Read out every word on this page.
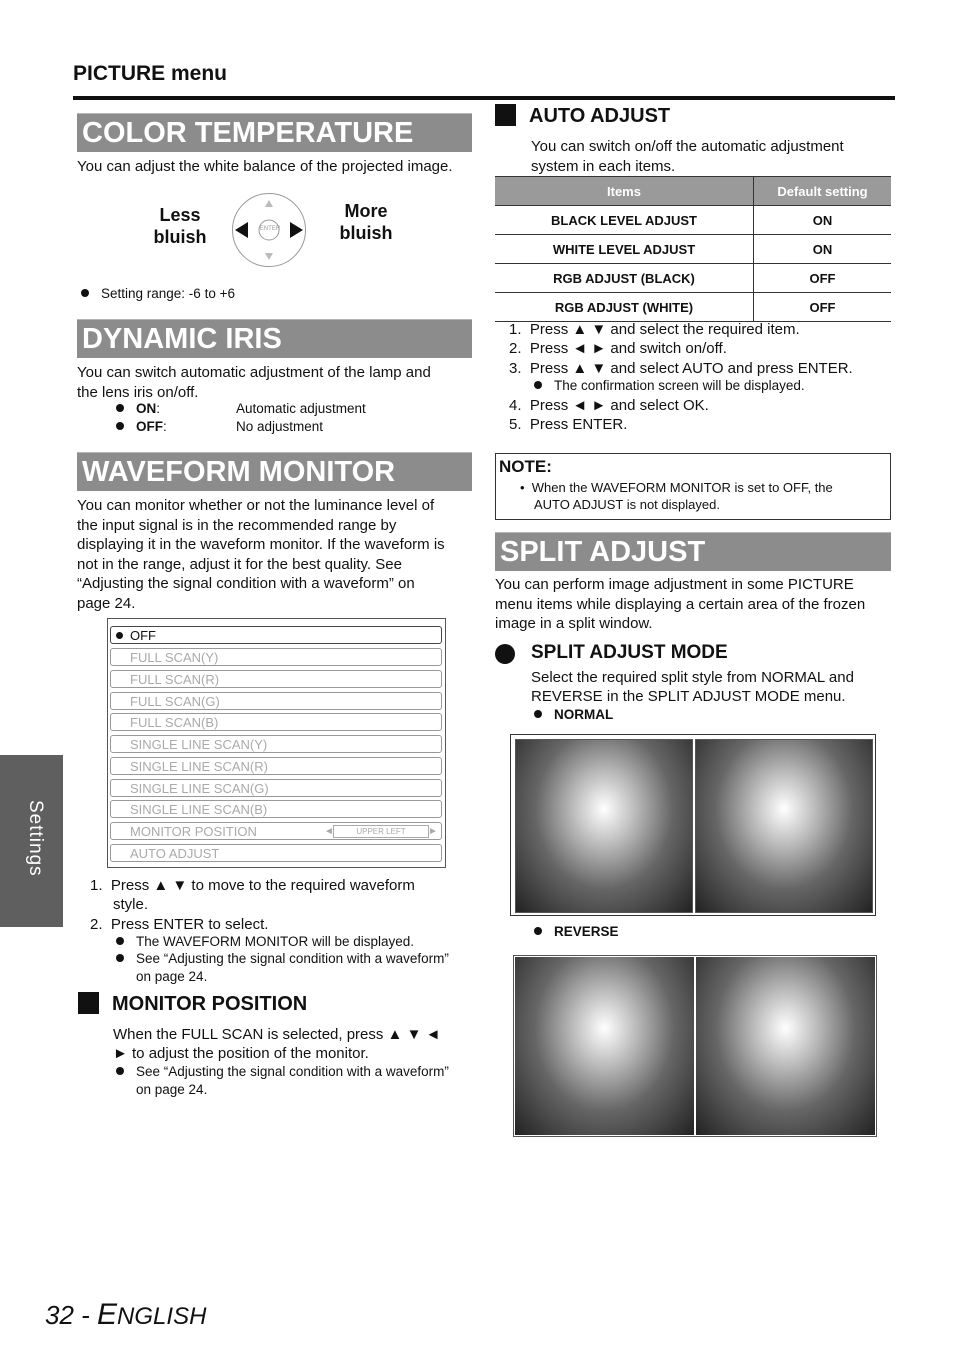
PICTURE menu
COLOR TEMPERATURE
You can adjust the white balance of the projected image.
Less
bluish
More
bluish
ENTER
Setting range: -6 to +6
DYNAMIC IRIS
You can switch automatic adjustment of the lamp and
the lens iris on/off.
ON:	Automatic adjustment
OFF:	No adjustment
WAVEFORM MONITOR
You can monitor whether or not the luminance level of
the input signal is in the recommended range by
displaying it in the waveform monitor. If the waveform is
not in the range, adjust it for the best quality. See
“Adjusting the signal condition with a waveform” on
page 24.
OFF
FULL SCAN(Y)
FULL SCAN(R)
FULL SCAN(G)
FULL SCAN(B)
SINGLE LINE SCAN(Y)
SINGLE LINE SCAN(R)
SINGLE LINE SCAN(G)
SINGLE LINE SCAN(B)
MONITOR POSITION	◄	UPPER LEFT	►
AUTO ADJUST
1.  Press ▲ ▼ to move to the required waveform
style.
2.  Press ENTER to select.
The WAVEFORM MONITOR will be displayed.
See “Adjusting the signal condition with a waveform”
on page 24.
MONITOR POSITION
When the FULL SCAN is selected, press ▲ ▼ ◄
► to adjust the position of the monitor.
See “Adjusting the signal condition with a waveform”
on page 24.
AUTO ADJUST
You can switch on/off the automatic adjustment
system in each items.
Items	Default setting
BLACK LEVEL ADJUST	ON
WHITE LEVEL ADJUST	ON
RGB ADJUST (BLACK)	OFF
RGB ADJUST (WHITE)	OFF
1.  Press ▲ ▼ and select the required item.
2.  Press ◄ ► and switch on/off.
3.  Press ▲ ▼ and select AUTO and press ENTER.
The confirmation screen will be displayed.
4.  Press ◄ ► and select OK.
5.  Press ENTER.
NOTE:
•  When the WAVEFORM MONITOR is set to OFF, the
AUTO ADJUST is not displayed.
SPLIT ADJUST
You can perform image adjustment in some PICTURE
menu items while displaying a certain area of the frozen
image in a split window.
SPLIT ADJUST MODE
Select the required split style from NORMAL and
REVERSE in the SPLIT ADJUST MODE menu.
NORMAL
REVERSE
Settings
32 - ENGLISH
